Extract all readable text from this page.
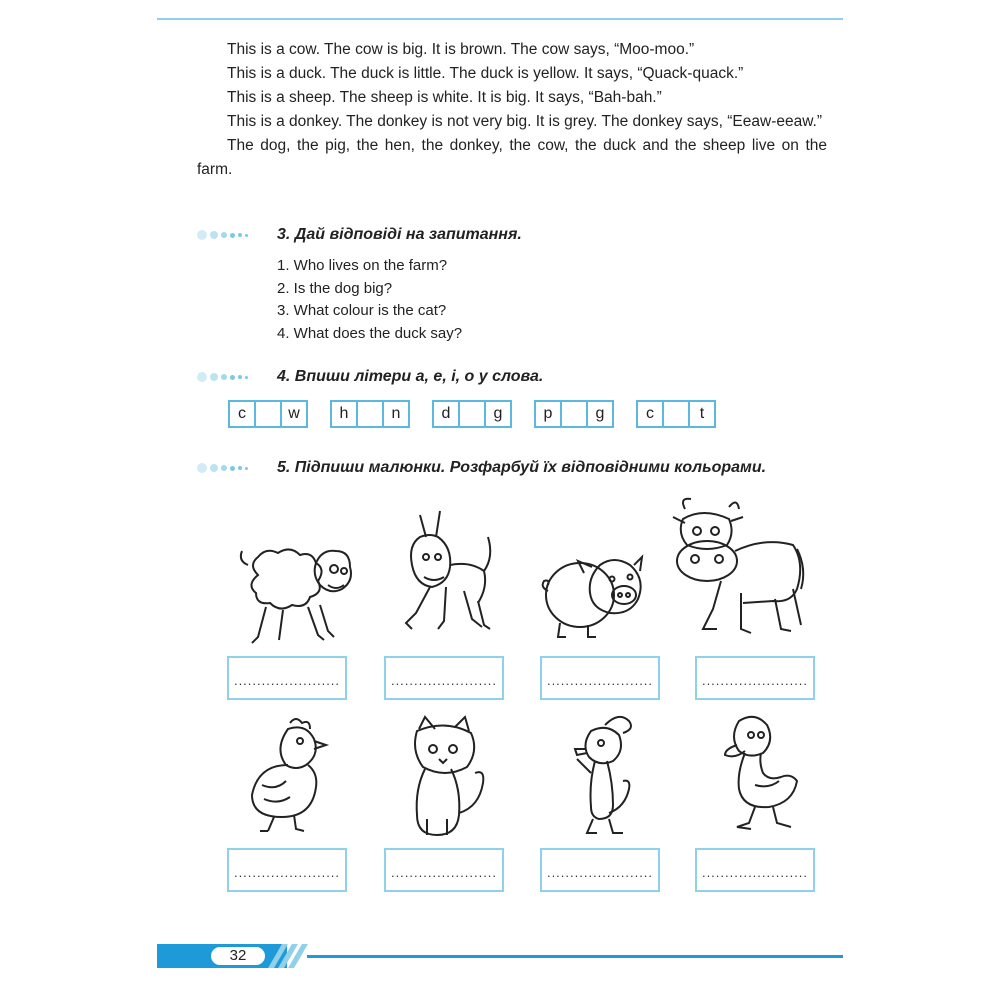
This is a cow. The cow is big. It is brown. The cow says, “Moo-moo.”

This is a duck. The duck is little. The duck is yellow. It says, “Quack-quack.”

This is a sheep. The sheep is white. It is big. It says, “Bah-bah.”

This is a donkey. The donkey is not very big. It is grey. The donkey says, “Eeaw-eeaw.”

The dog, the pig, the hen, the donkey, the cow, the duck and the sheep live on the farm.

3. Дай відповіді на запитання.
1. Who lives on the farm?
2. Is the dog big?
3. What colour is the cat?
4. What does the duck say?
4. Впиши літери а, е, і, о у слова.
c	w	h	n	d	g	p	g	c	t
5. Підпиши малюнки. Розфарбуй їх відповідними кольорами.
.......................	.......................	.......................	.......................
.......................	.......................	.......................	.......................
32
